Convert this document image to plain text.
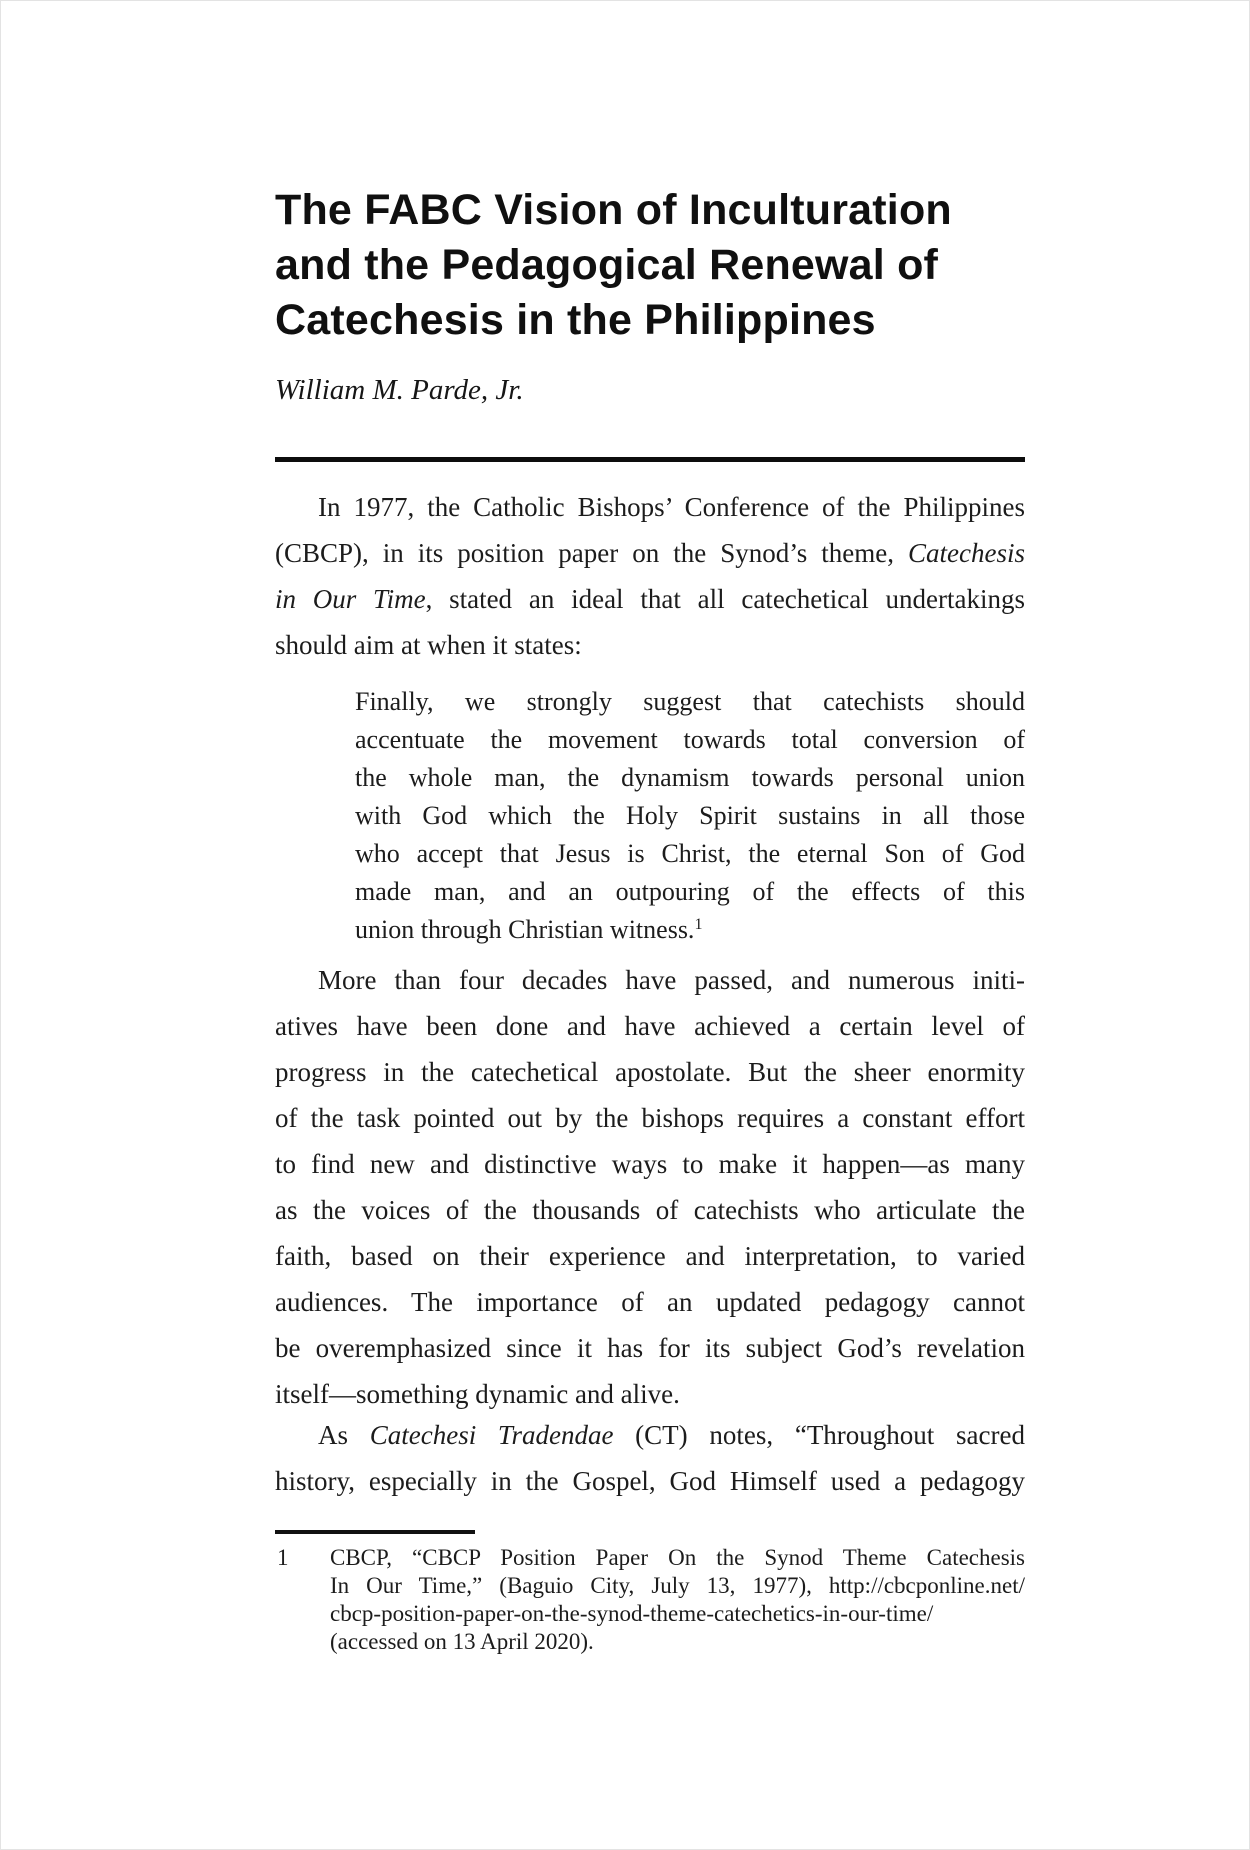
The FABC Vision of Inculturation
and the Pedagogical Renewal of
Catechesis in the Philippines
William M. Parde, Jr.
In 1977, the Catholic Bishops’ Conference of the Philippines
(CBCP), in its position paper on the Synod’s theme, Catechesis
in Our Time, stated an ideal that all catechetical undertakings
should aim at when it states:
Finally, we strongly suggest that catechists should
accentuate the movement towards total conversion of
the whole man, the dynamism towards personal union
with God which the Holy Spirit sustains in all those
who accept that Jesus is Christ, the eternal Son of God
made man, and an outpouring of the effects of this
union through Christian witness.$^1$
More than four decades have passed, and numerous initi-
atives have been done and have achieved a certain level of
progress in the catechetical apostolate. But the sheer enormity
of the task pointed out by the bishops requires a constant effort
to find new and distinctive ways to make it happen—as many
as the voices of the thousands of catechists who articulate the
faith, based on their experience and interpretation, to varied
audiences. The importance of an updated pedagogy cannot
be overemphasized since it has for its subject God’s revelation
itself—something dynamic and alive.
As Catechesi Tradendae (CT) notes, “Throughout sacred
history, especially in the Gospel, God Himself used a pedagogy
1 CBCP, “CBCP Position Paper On the Synod Theme Catechesis
In Our Time,” (Baguio City, July 13, 1977), http://cbcponline.net/
cbcp-position-paper-on-the-synod-theme-catechetics-in-our-time/
(accessed on 13 April 2020).
